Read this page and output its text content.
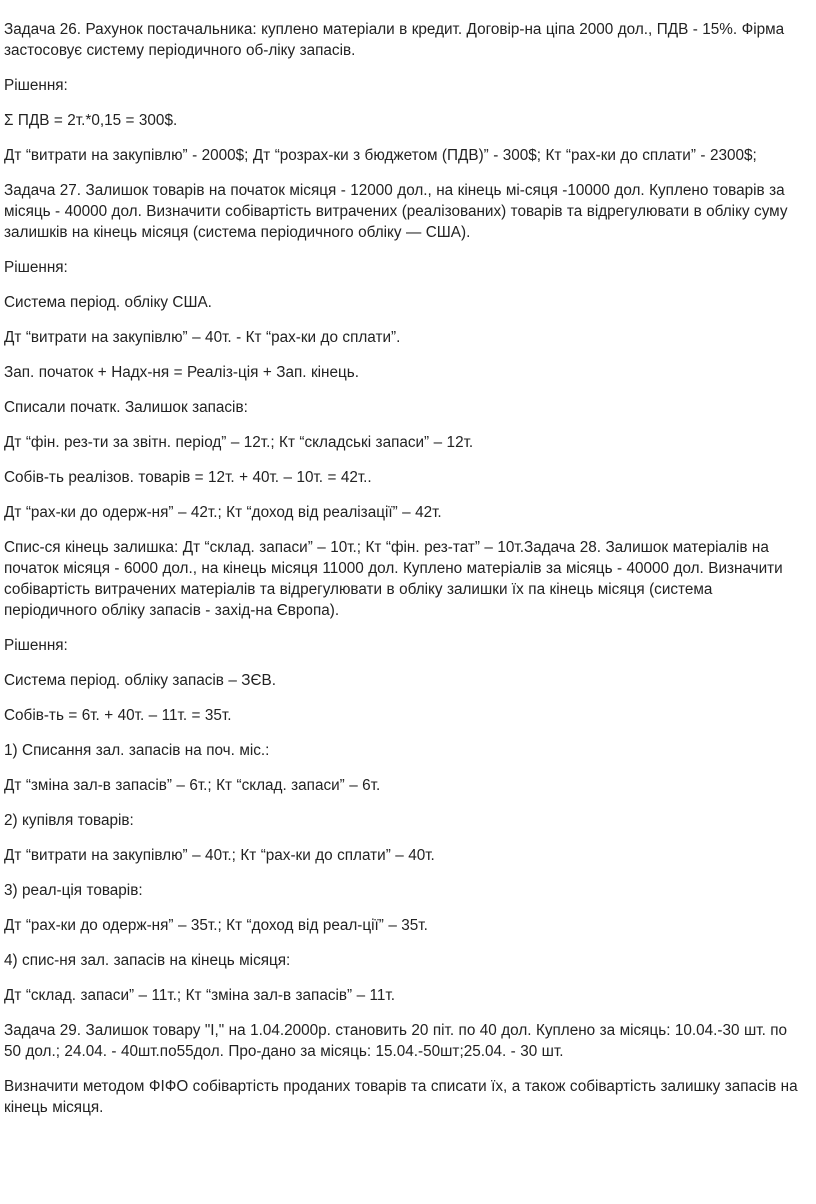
Задача 26. Рахунок постачальника: куплено матеріали в кредит. Договір-на ціпа 2000 дол., ПДВ - 15%. Фірма застосовує систему періодичного об-ліку запасів.

Рішення:

Σ ПДВ = 2т.*0,15 = 300$.

Дт “витрати на закупівлю” - 2000$; Дт “розрах-ки з бюджетом (ПДВ)” - 300$; Кт “рах-ки до сплати” - 2300$;

Задача 27. Залишок товарів на початок місяця - 12000 дол., на кінець мі-сяця -10000 дол. Куплено товарів за місяць - 40000 дол. Визначити собівартість витрачених (реалізованих) товарів та відрегулювати в обліку суму залишків на кінець місяця (система періодичного обліку — США).

Рішення:

Система період. обліку США.

Дт “витрати на закупівлю” – 40т. - Кт “рах-ки до сплати”.

Зап. початок + Надх-ня = Реаліз-ція + Зап. кінець.

Списали початк. Залишок запасів:

Дт “фін. рез-ти за звітн. період” – 12т.; Кт “складські запаси” – 12т.

Собів-ть реалізов. товарів = 12т. + 40т. – 10т. = 42т..

Дт “рах-ки до одерж-ня” – 42т.; Кт “доход від реалізації” – 42т.

Спис-ся кінець залишка: Дт “склад. запаси” – 10т.; Кт “фін. рез-тат” – 10т.Задача 28. Залишок матеріалів на початок місяця - 6000 дол., на кінець місяця 11000 дол. Куплено матеріалів за місяць - 40000 дол. Визначити собівартість витрачених матеріалів та відрегулювати в обліку залишки їх па кінець місяця (система періодичного обліку запасів - захід-на Європа).

Рішення:

Система період. обліку запасів – ЗЄВ.

Собів-ть = 6т. + 40т. – 11т. = 35т.

1) Списання зал. запасів на поч. міс.:

Дт “зміна зал-в запасів” – 6т.; Кт “склад. запаси” – 6т.

2) купівля товарів:

Дт “витрати на закупівлю” – 40т.; Кт “рах-ки до сплати” – 40т.

3) реал-ція товарів:

Дт “рах-ки до одерж-ня” – 35т.; Кт “доход від реал-ції” – 35т.

4) спис-ня зал. запасів на кінець місяця:

Дт “склад. запаси” – 11т.; Кт “зміна зал-в запасів” – 11т.

Задача 29. Залишок товару "І," на 1.04.2000р. становить 20 піт. по 40 дол. Куплено за місяць: 10.04.-30 шт. по 50 дол.; 24.04. - 40шт.по55дол. Про-дано за місяць: 15.04.-50шт;25.04. - 30 шт.

Визначити методом ФІФО собівартість проданих товарів та списати їх, а також собівартість залишку запасів на кінець місяця.
